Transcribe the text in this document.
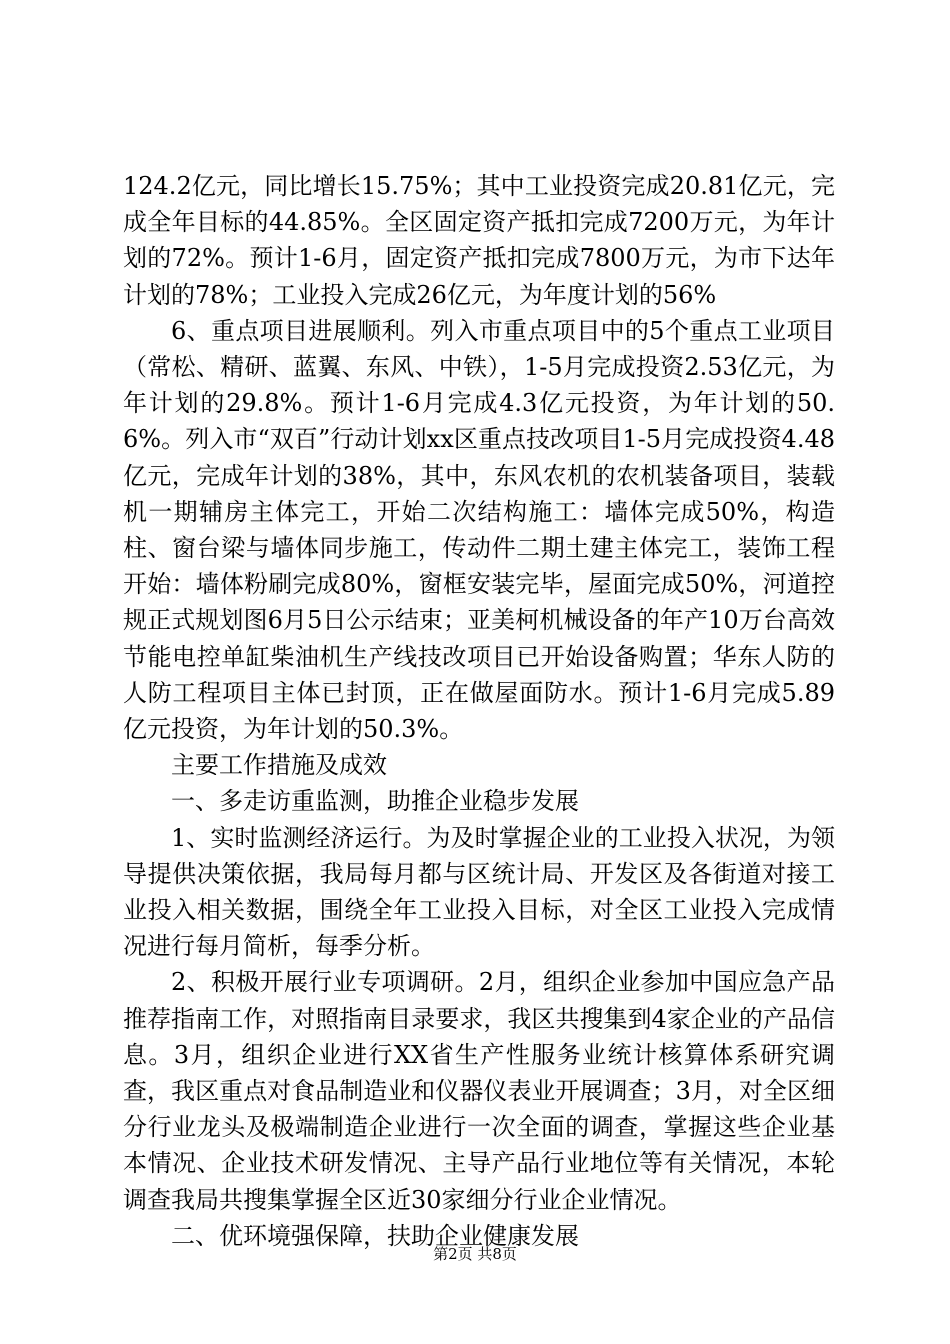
124.2亿元，同比增长15.75%；其中工业投资完成20.81亿元，完成全年目标的44.85%。全区固定资产抵扣完成7200万元，为年计划的72%。预计1-6月，固定资产抵扣完成7800万元，为市下达年计划的78%；工业投入完成26亿元，为年度计划的56%

6、重点项目进展顺利。列入市重点项目中的5个重点工业项目（常松、精研、蓝翼、东风、中铁），1-5月完成投资2.53亿元，为年计划的29.8%。预计1-6月完成4.3亿元投资，为年计划的50.6%。列入市“双百”行动计划xx区重点技改项目1-5月完成投资4.48亿元，完成年计划的38%，其中，东风农机的农机装备项目，装载机一期辅房主体完工，开始二次结构施工：墙体完成50%，构造柱、窗台梁与墙体同步施工，传动件二期土建主体完工，装饰工程开始：墙体粉刷完成80%，窗框安装完毕，屋面完成50%，河道控规正式规划图6月5日公示结束；亚美柯机械设备的年产10万台高效节能电控单缸柴油机生产线技改项目已开始设备购置；华东人防的人防工程项目主体已封顶，正在做屋面防水。预计1-6月完成5.89亿元投资，为年计划的50.3%。

主要工作措施及成效

一、多走访重监测，助推企业稳步发展

1、实时监测经济运行。为及时掌握企业的工业投入状况，为领导提供决策依据，我局每月都与区统计局、开发区及各街道对接工业投入相关数据，围绕全年工业投入目标，对全区工业投入完成情况进行每月简析，每季分析。

2、积极开展行业专项调研。2月，组织企业参加中国应急产品推荐指南工作，对照指南目录要求，我区共搜集到4家企业的产品信息。3月，组织企业进行XX省生产性服务业统计核算体系研究调查，我区重点对食品制造业和仪器仪表业开展调查；3月，对全区细分行业龙头及极端制造企业进行一次全面的调查，掌握这些企业基本情况、企业技术研发情况、主导产品行业地位等有关情况，本轮调查我局共搜集掌握全区近30家细分行业企业情况。

二、优环境强保障，扶助企业健康发展

第2页 共8页
